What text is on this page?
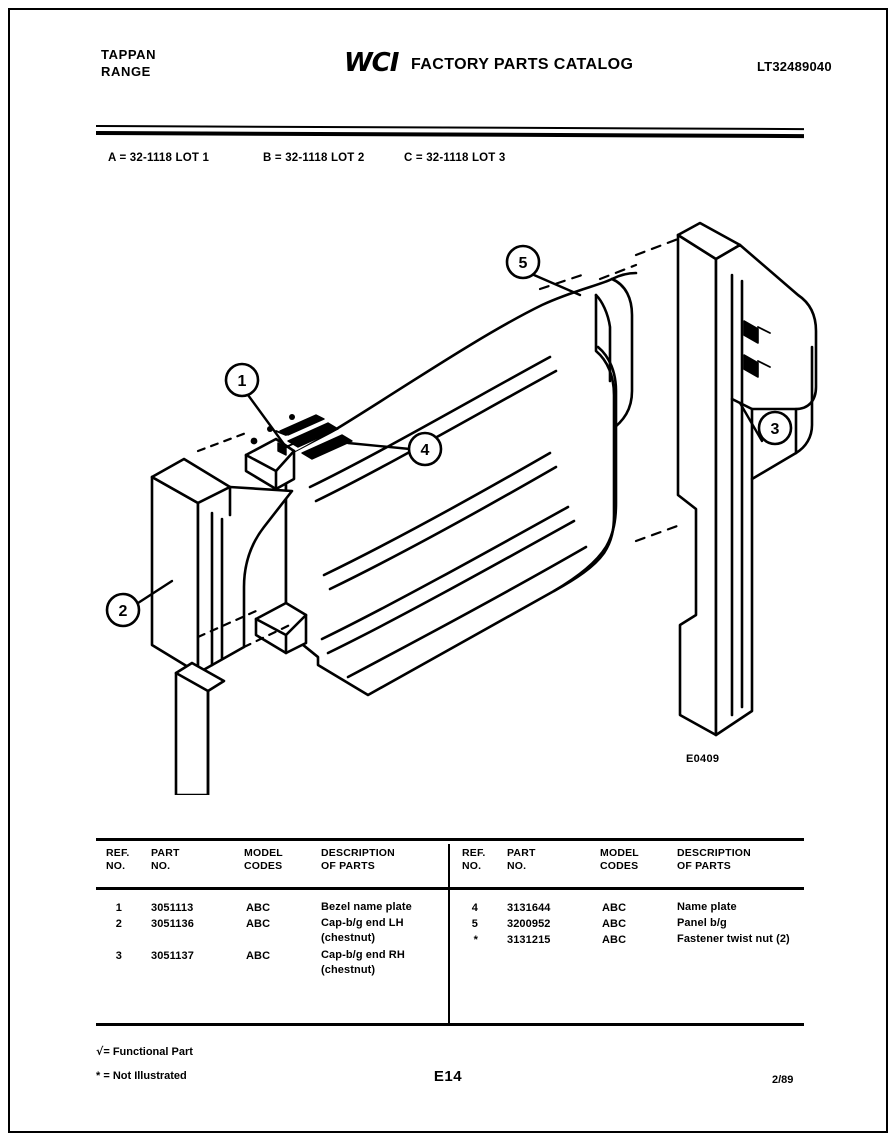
TAPPAN
RANGE	WCI FACTORY PARTS CATALOG	LT32489040
A = 32-1118 LOT 1	B = 32-1118 LOT 2	C = 32-1118 LOT 3
1
2
3
4
5
E0409
REF.
NO.
PART
NO.
MODEL
CODES
DESCRIPTION
OF PARTS
1	3051113	ABC	Bezel name plate
2	3051136	ABC	Cap-b/g end LH (chestnut)
3	3051137	ABC	Cap-b/g end RH (chestnut)
REF.
NO.
PART
NO.
MODEL
CODES
DESCRIPTION
OF PARTS
4	3131644	ABC	Name plate
5	3200952	ABC	Panel b/g
*	3131215	ABC	Fastener twist nut (2)
√= Functional Part
* = Not Illustrated	E14	2/89
